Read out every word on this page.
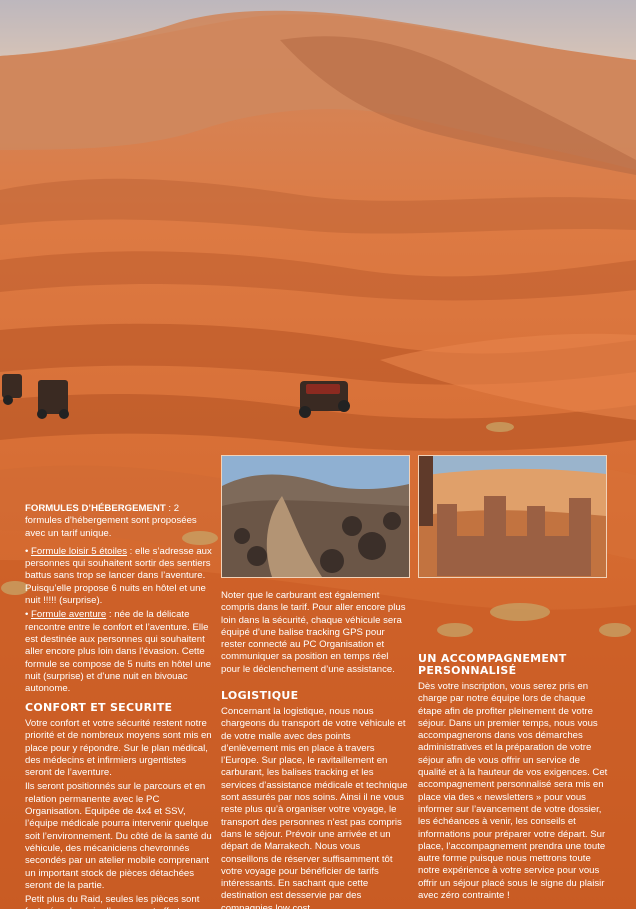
FORMULES D’HÉBERGEMENT : 2 formules d’hébergement sont proposées avec un tarif unique.

• Formule loisir 5 étoiles : elle s’adresse aux personnes qui souhaitent sortir des sentiers battus sans trop se lancer dans l’aventure. Puisqu’elle propose 6 nuits en hôtel et une nuit !!!!! (surprise).

• Formule aventure : née de la délicate rencontre entre le confort et l’aventure. Elle est destinée aux personnes qui souhaitent aller encore plus loin dans l’évasion. Cette formule se compose de 5 nuits en hôtel une nuit (surprise) et d’une nuit en bivouac autonome.

Noter que le carburant est également compris dans le tarif. Pour aller encore plus loin dans la sécurité, chaque véhicule sera équipé d’une balise tracking GPS pour rester connecté au PC Organisation et communiquer sa position en temps réel pour le déclenchement d’une assistance.

CONFORT ET SECURITE

Votre confort et votre sécurité restent notre priorité et de nombreux moyens sont mis en place pour y répondre. Sur le plan médical, des médecins et infirmiers urgentistes seront de l’aventure.

Ils seront positionnés sur le parcours et en relation permanente avec le PC Organisation. Equipée de 4x4 et SSV, l’équipe médicale pourra intervenir quelque soit l’environnement. Du côté de la santé du véhicule, des mécaniciens chevronnés secondés par un atelier mobile comprenant un important stock de pièces détachées seront de la partie.

Petit plus du Raid, seules les pièces sont facturées, la main d’oeuvre est offerte.

LOGISTIQUE

Concernant la logistique, nous nous chargeons du transport de votre véhicule et de votre malle avec des points d’enlèvement mis en place à travers l’Europe. Sur place, le ravitaillement en carburant, les balises tracking et les services d’assistance médicale et technique sont assurés par nos soins. Ainsi il ne vous reste plus qu’à organiser votre voyage, le transport des personnes n’est pas compris dans le séjour. Prévoir une arrivée et un départ de Marrakech. Nous vous conseillons de réserver suffisamment tôt votre voyage pour bénéficier de tarifs intéressants. En sachant que cette destination est desservie par des compagnies low cost.

UN ACCOMPAGNEMENT PERSONNALISÉ

Dès votre inscription, vous serez pris en charge par notre équipe lors de chaque étape afin de profiter pleinement de votre séjour. Dans un premier temps, nous vous accompagnerons dans vos démarches administratives et la préparation de votre séjour afin de vous offrir un service de qualité et à la hauteur de vos exigences. Cet accompagnement personnalisé sera mis en place via des « newsletters » pour vous informer sur l’avancement de votre dossier, les échéances à venir, les conseils et informations pour préparer votre départ. Sur place, l’accompagnement prendra une toute autre forme puisque nous mettrons toute notre expérience à votre service pour vous offrir un séjour placé sous le signe du plaisir avec zéro contrainte !
